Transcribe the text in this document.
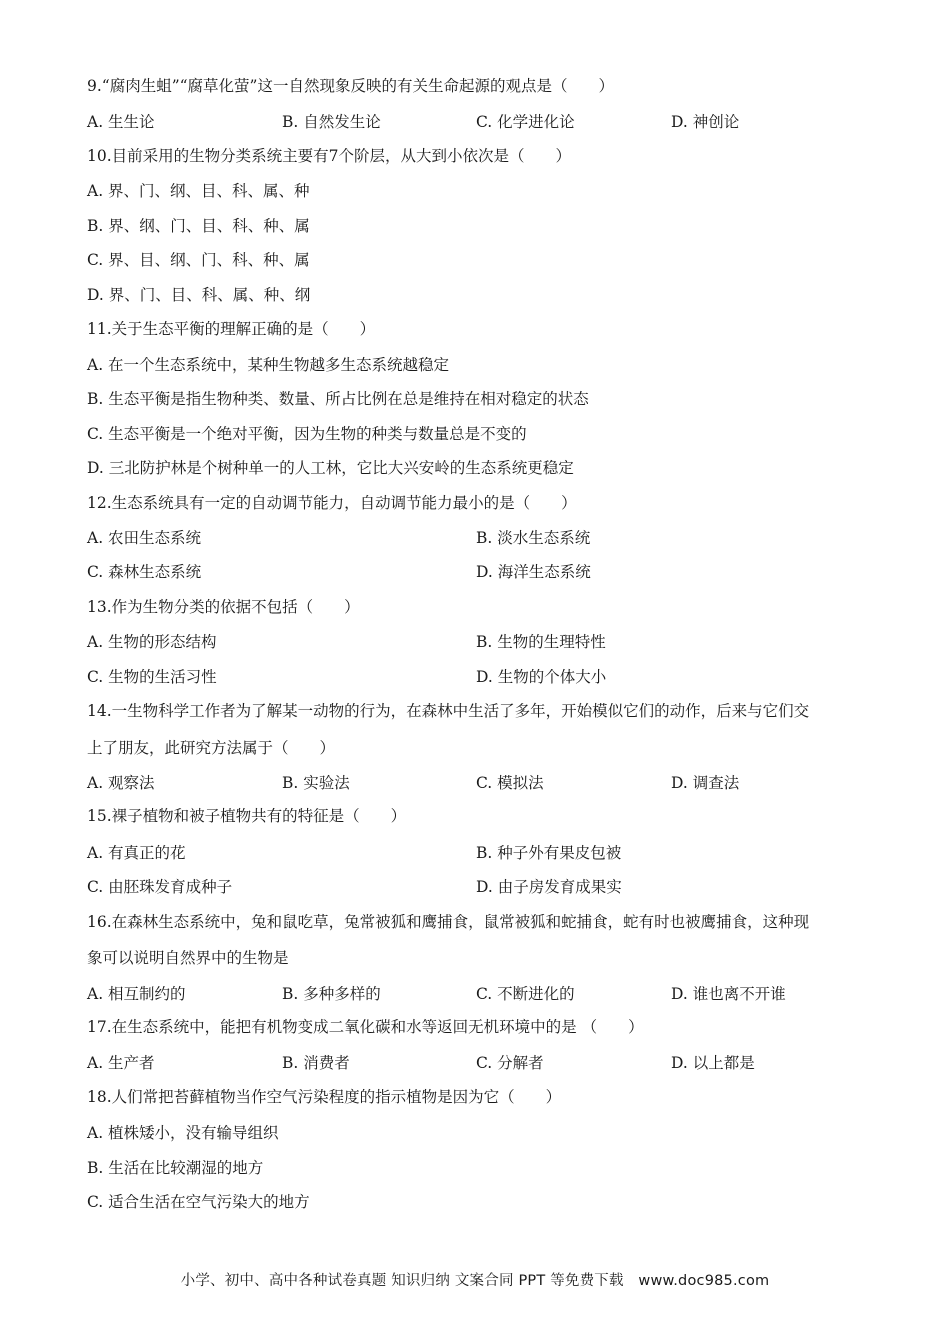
9.“腐肉生蛆”“腐草化萤”这一自然现象反映的有关生命起源的观点是（　　）
A. 生生论	B. 自然发生论	C. 化学进化论	D. 神创论
10.目前采用的生物分类系统主要有7个阶层，从大到小依次是（　　）
A. 界、门、纲、目、科、属、种
B. 界、纲、门、目、科、种、属
C. 界、目、纲、门、科、种、属
D. 界、门、目、科、属、种、纲
11.关于生态平衡的理解正确的是（　　）
A. 在一个生态系统中，某种生物越多生态系统越稳定
B. 生态平衡是指生物种类、数量、所占比例在总是维持在相对稳定的状态
C. 生态平衡是一个绝对平衡，因为生物的种类与数量总是不变的
D. 三北防护林是个树种单一的人工林，它比大兴安岭的生态系统更稳定
12.生态系统具有一定的自动调节能力，自动调节能力最小的是（　　）
A. 农田生态系统	B. 淡水生态系统
C. 森林生态系统	D. 海洋生态系统
13.作为生物分类的依据不包括（　　）
A. 生物的形态结构	B. 生物的生理特性
C. 生物的生活习性	D. 生物的个体大小
14.一生物科学工作者为了解某一动物的行为，在森林中生活了多年，开始模似它们的动作，后来与它们交
上了朋友，此研究方法属于（　　）
A. 观察法	B. 实验法	C. 模拟法	D. 调查法
15.裸子植物和被子植物共有的特征是（　　）
A. 有真正的花	B. 种子外有果皮包被
C. 由胚珠发育成种子	D. 由子房发育成果实
16.在森林生态系统中，兔和鼠吃草，兔常被狐和鹰捕食，鼠常被狐和蛇捕食，蛇有时也被鹰捕食，这种现
象可以说明自然界中的生物是
A. 相互制约的	B. 多种多样的	C. 不断进化的	D. 谁也离不开谁
17.在生态系统中，能把有机物变成二氧化碳和水等返回无机环境中的是 （　　）
A. 生产者	B. 消费者	C. 分解者	D. 以上都是
18.人们常把苔藓植物当作空气污染程度的指示植物是因为它（　　）
A. 植株矮小，没有输导组织
B. 生活在比较潮湿的地方
C. 适合生活在空气污染大的地方
小学、初中、高中各种试卷真题 知识归纳 文案合同 PPT 等免费下载　www.doc985.com
